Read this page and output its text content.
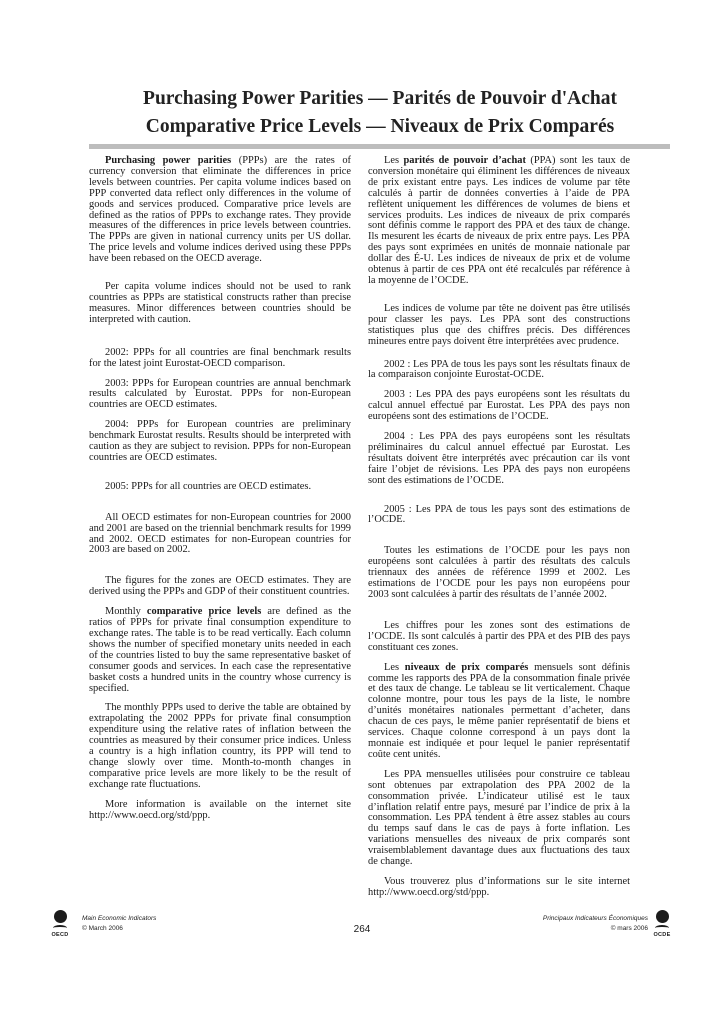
Purchasing Power Parities — Parités de Pouvoir d'Achat
Comparative Price Levels — Niveaux de Prix Comparés

Purchasing power parities (PPPs) are the rates of currency conversion that eliminate the differences in price levels between countries. Per capita volume indices based on PPP converted data reflect only differences in the volume of goods and services produced. Comparative price levels are defined as the ratios of PPPs to exchange rates. They provide measures of the differences in price levels between countries. The PPPs are given in national currency units per US dollar. The price levels and volume indices derived using these PPPs have been rebased on the OECD average.

Per capita volume indices should not be used to rank countries as PPPs are statistical constructs rather than precise measures. Minor differences between countries should be interpreted with caution.

2002: PPPs for all countries are final benchmark results for the latest joint Eurostat-OECD comparison.

2003: PPPs for European countries are annual benchmark results calculated by Eurostat. PPPs for non-European countries are OECD estimates.

2004: PPPs for European countries are preliminary benchmark Eurostat results. Results should be interpreted with caution as they are subject to revision. PPPs for non-European countries are OECD estimates.

2005: PPPs for all countries are OECD estimates.

All OECD estimates for non-European countries for 2000 and 2001 are based on the triennial benchmark results for 1999 and 2002. OECD estimates for non-European countries for 2003 are based on 2002.

The figures for the zones are OECD estimates. They are derived using the PPPs and GDP of their constituent countries.

Monthly comparative price levels are defined as the ratios of PPPs for private final consumption expenditure to exchange rates. The table is to be read vertically. Each column shows the number of specified monetary units needed in each of the countries listed to buy the same representative basket of consumer goods and services. In each case the representative basket costs a hundred units in the country whose currency is specified.

The monthly PPPs used to derive the table are obtained by extrapolating the 2002 PPPs for private final consumption expenditure using the relative rates of inflation between the countries as measured by their consumer price indices. Unless a country is a high inflation country, its PPP will tend to change slowly over time. Month-to-month changes in comparative price levels are more likely to be the result of exchange rate fluctuations.

More information is available on the internet site http://www.oecd.org/std/ppp.

Les parités de pouvoir d’achat (PPA) sont les taux de conversion monétaire qui éliminent les différences de niveaux de prix existant entre pays. Les indices de volume par tête calculés à partir de données converties à l’aide de PPA reflètent uniquement les différences de volumes de biens et services produits. Les indices de niveaux de prix comparés sont définis comme le rapport des PPA et des taux de change. Ils mesurent les écarts de niveaux de prix entre pays. Les PPA des pays sont exprimées en unités de monnaie nationale par dollar des É-U. Les indices de niveaux de prix et de volume obtenus à partir de ces PPA ont été recalculés par référence à la moyenne de l’OCDE.

Les indices de volume par tête ne doivent pas être utilisés pour classer les pays. Les PPA sont des constructions statistiques plus que des chiffres précis. Des différences mineures entre pays doivent être interprétées avec prudence.

2002 : Les PPA de tous les pays sont les résultats finaux de la comparaison conjointe Eurostat-OCDE.

2003 : Les PPA des pays européens sont les résultats du calcul annuel effectué par Eurostat. Les PPA des pays non européens sont des estimations de l’OCDE.

2004 : Les PPA des pays européens sont les résultats préliminaires du calcul annuel effectué par Eurostat. Les résultats doivent être interprétés avec précaution car ils vont faire l’objet de révisions. Les PPA des pays non européens sont des estimations de l’OCDE.

2005 : Les PPA de tous les pays sont des estimations de l’OCDE.

Toutes les estimations de l’OCDE pour les pays non européens sont calculées à partir des résultats des calculs triennaux des années de référence 1999 et 2002. Les estimations de l’OCDE pour les pays non européens pour 2003 sont calculées à partir des résultats de l’année 2002.

Les chiffres pour les zones sont des estimations de l’OCDE. Ils sont calculés à partir des PPA et des PIB des pays constituant ces zones.

Les niveaux de prix comparés mensuels sont définis comme les rapports des PPA de la consommation finale privée et des taux de change. Le tableau se lit verticalement. Chaque colonne montre, pour tous les pays de la liste, le nombre d’unités monétaires nationales permettant d’acheter, dans chacun de ces pays, le même panier représentatif de biens et services. Chaque colonne correspond à un pays dont la monnaie est indiquée et pour lequel le panier représentatif coûte cent unités.

Les PPA mensuelles utilisées pour construire ce tableau sont obtenues par extrapolation des PPA 2002 de la consommation privée. L’indicateur utilisé est le taux d’inflation relatif entre pays, mesuré par l’indice de prix à la consommation. Les PPA tendent à être assez stables au cours du temps sauf dans le cas de pays à forte inflation. Les variations mensuelles des niveaux de prix comparés sont vraisemblablement davantage dues aux fluctuations des taux de change.

Vous trouverez plus d’informations sur le site internet http://www.oecd.org/std/ppp.

OECD
Main Economic Indicators
© March 2006	264
Principaux Indicateurs Économiques
© mars 2006
OCDE
